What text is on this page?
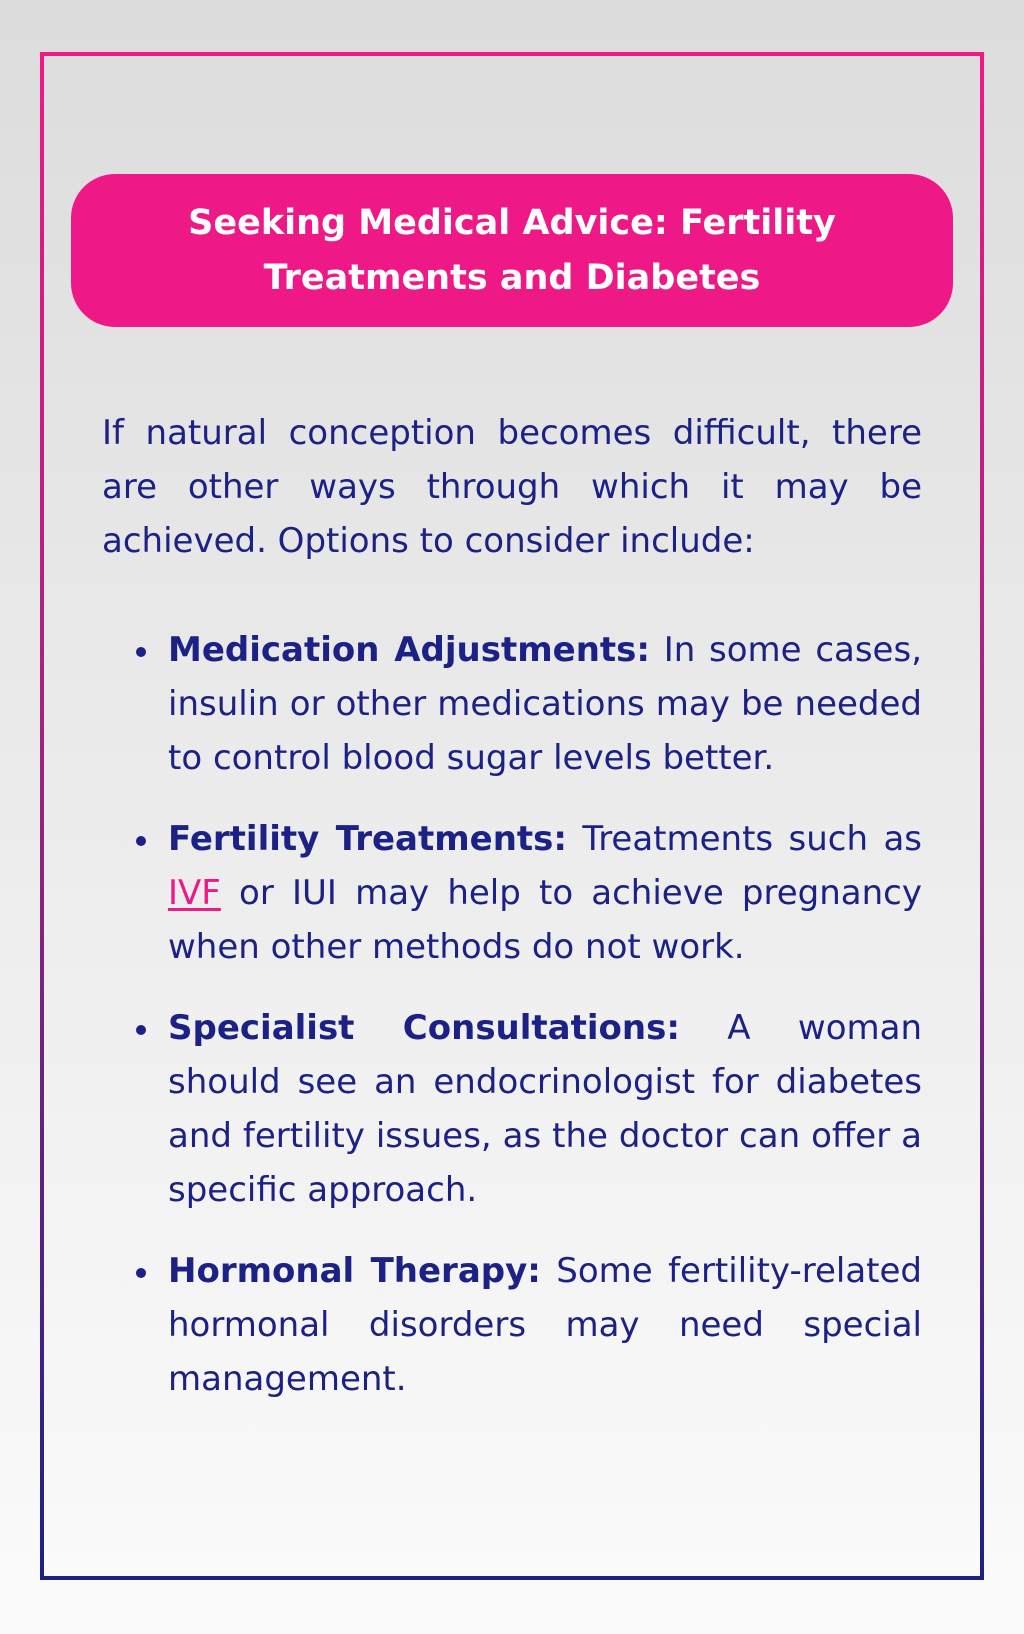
Seeking Medical Advice: Fertility Treatments and Diabetes

If natural conception becomes difficult, there are other ways through which it may be achieved. Options to consider include:

Medication Adjustments: In some cases, insulin or other medications may be needed to control blood sugar levels better.
Fertility Treatments: Treatments such as IVF or IUI may help to achieve pregnancy when other methods do not work.
Specialist Consultations: A woman should see an endocrinologist for diabetes and fertility issues, as the doctor can offer a specific approach.
Hormonal Therapy: Some fertility-related hormonal disorders may need special management.
